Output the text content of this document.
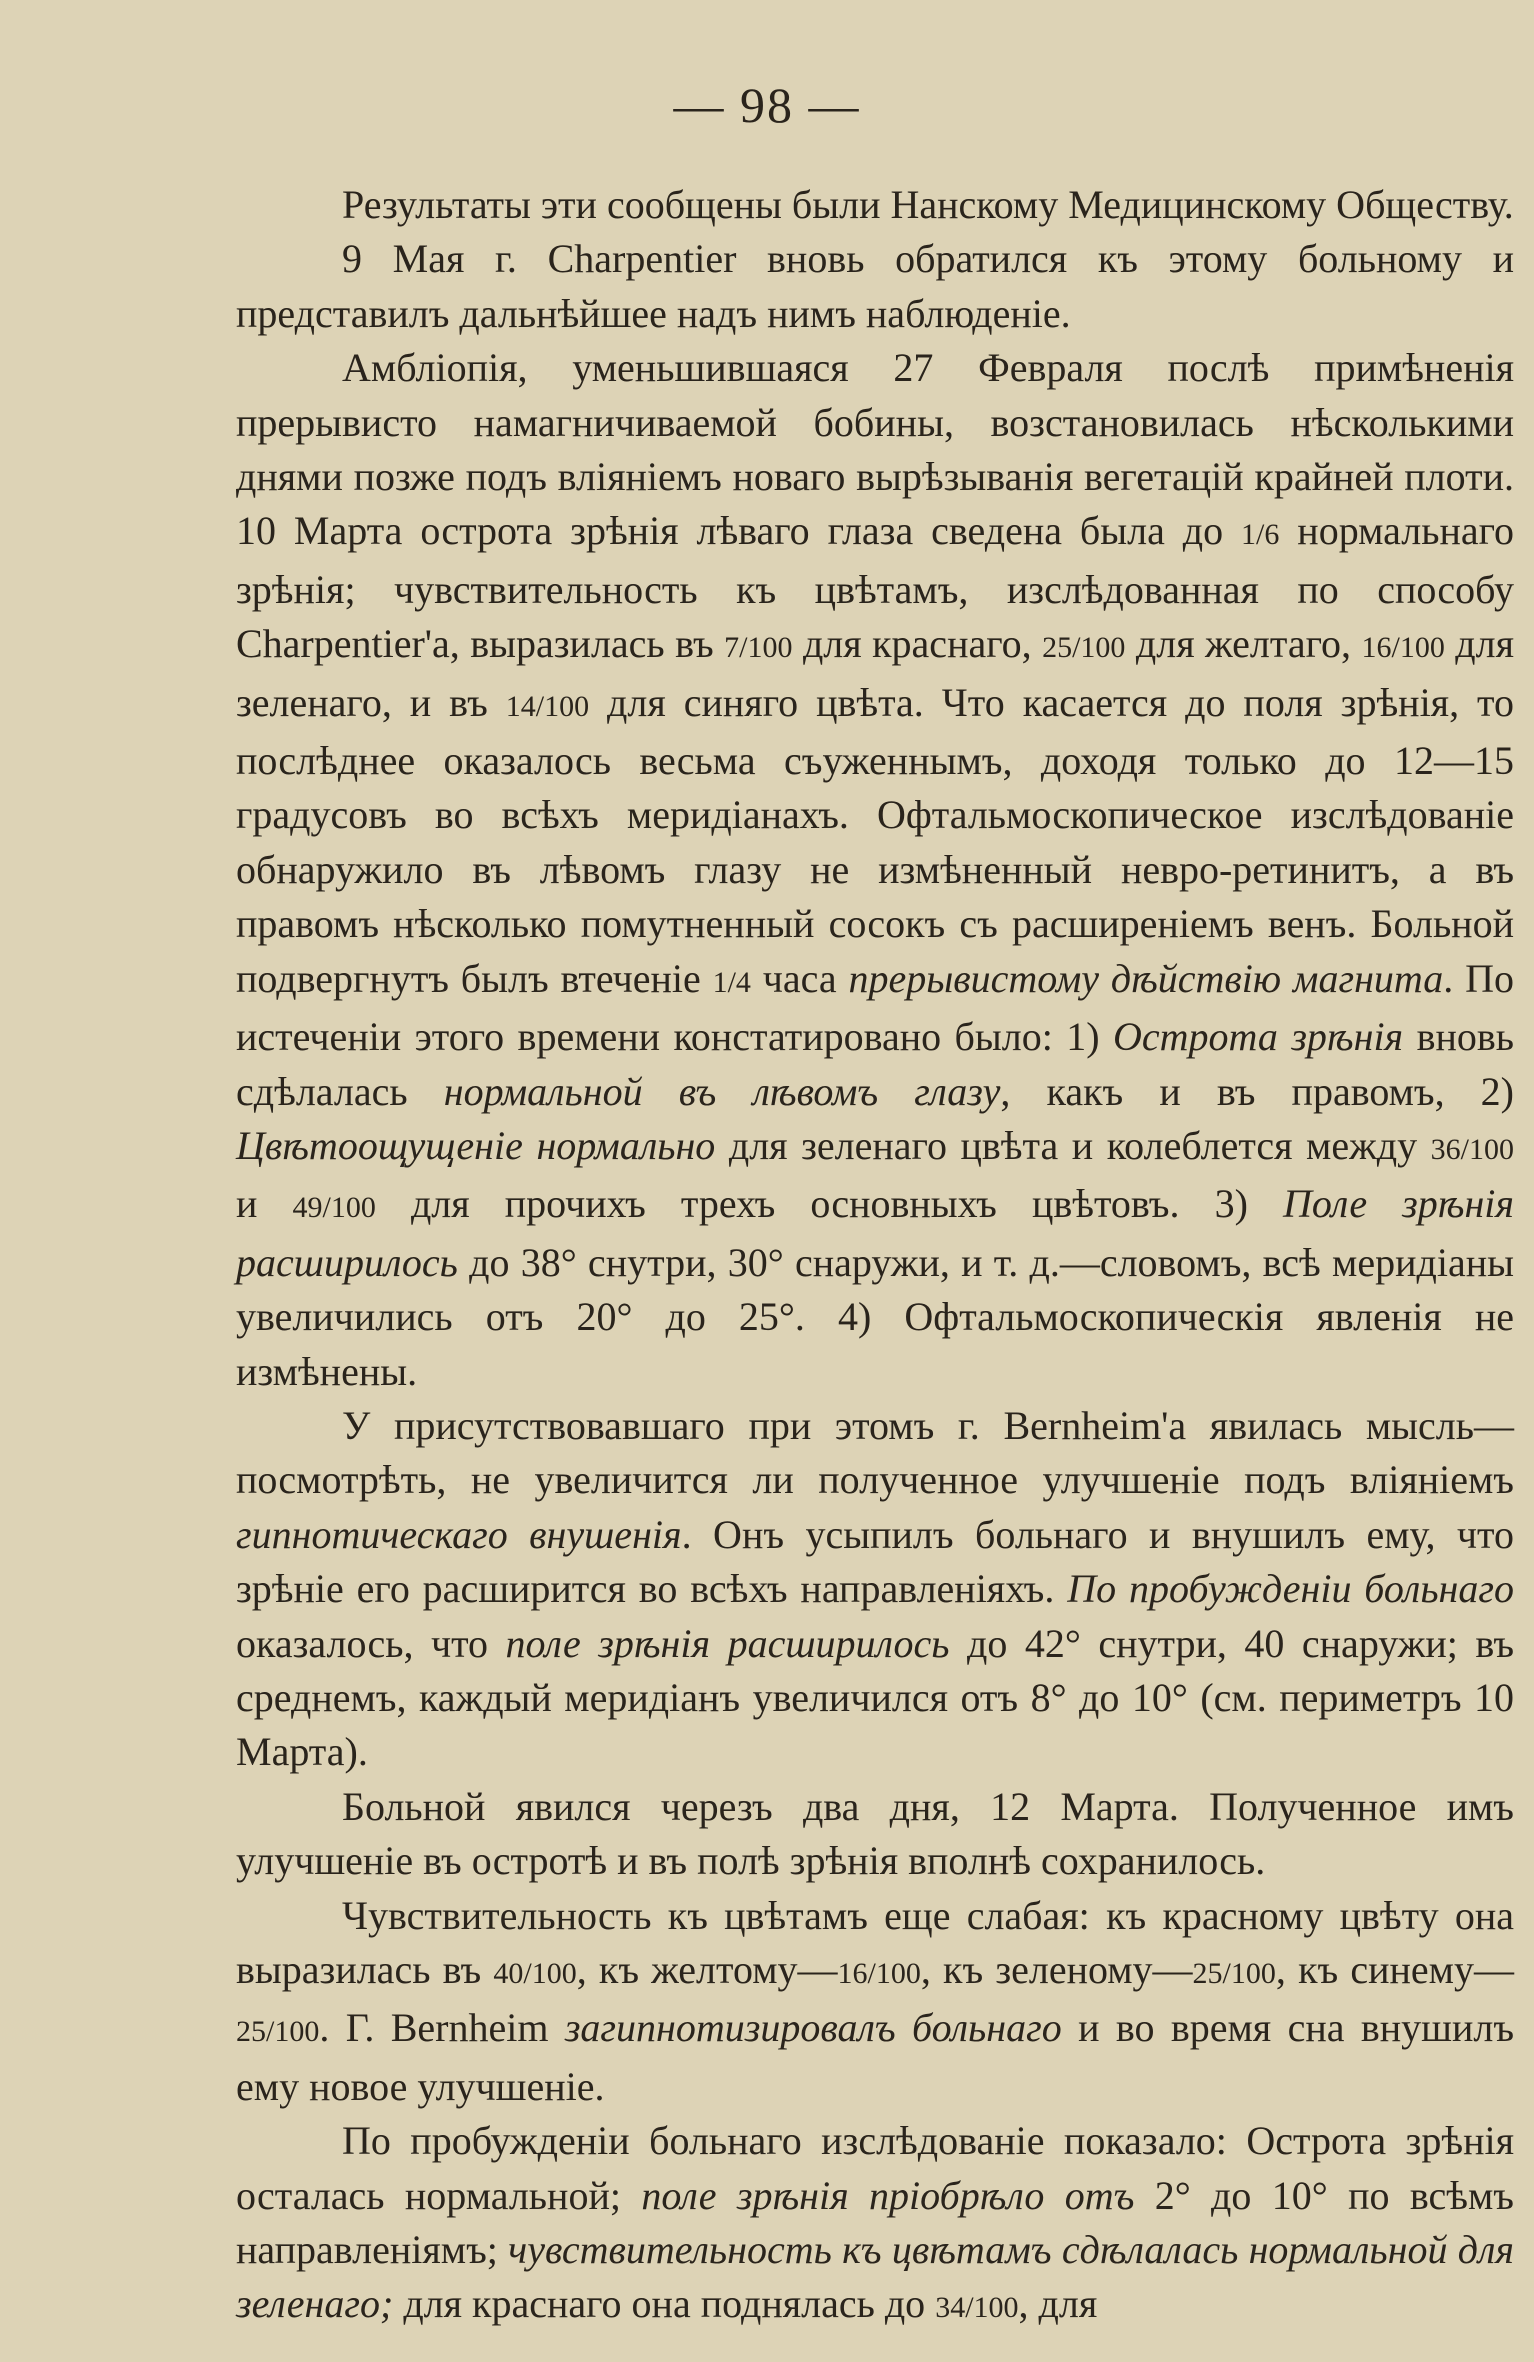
— 98 —

Результаты эти сообщены были Нанскому Медицинскому Обществу.

9 Мая г. Charpentier вновь обратился къ этому больному и представилъ дальнѣйшее надъ нимъ наблюденіе.

Амбліопія, уменьшившаяся 27 Февраля послѣ примѣненія прерывисто намагничиваемой бобины, возстановилась нѣсколькими днями позже подъ вліяніемъ новаго вырѣзыванія вегетацій крайней плоти. 10 Марта острота зрѣнія лѣваго глаза сведена была до 1/6 нормальнаго зрѣнія; чувствительность къ цвѣтамъ, изслѣдованная по способу Charpentier'а, выразилась въ 7/100 для краснаго, 25/100 для желтаго, 16/100 для зеленаго, и въ 14/100 для синяго цвѣта. Что касается до поля зрѣнія, то послѣднее оказалось весьма съуженнымъ, доходя только до 12—15 градусовъ во всѣхъ меридіанахъ. Офтальмоскопическое изслѣдованіе обнаружило въ лѣвомъ глазу не измѣненный невро-ретинитъ, а въ правомъ нѣсколько помутненный сосокъ съ расширеніемъ венъ. Больной подвергнутъ былъ втеченіе 1/4 часа прерывистому дѣйствію магнита. По истеченіи этого времени констатировано было: 1) Острота зрѣнія вновь сдѣлалась нормальной въ лѣвомъ глазу, какъ и въ правомъ, 2) Цвѣтоощущеніе нормально для зеленаго цвѣта и колеблется между 36/100 и 49/100 для прочихъ трехъ основныхъ цвѣтовъ. 3) Поле зрѣнія расширилось до 38° снутри, 30° снаружи, и т. д.—словомъ, всѣ меридіаны увеличились отъ 20° до 25°. 4) Офтальмоскопическія явленія не измѣнены.

У присутствовавшаго при этомъ г. Bernheim'а явилась мысль—посмотрѣть, не увеличится ли полученное улучшеніе подъ вліяніемъ гипнотическаго внушенія. Онъ усыпилъ больнаго и внушилъ ему, что зрѣніе его расширится во всѣхъ направленіяхъ. По пробужденіи больнаго оказалось, что поле зрѣнія расширилось до 42° снутри, 40 снаружи; въ среднемъ, каждый меридіанъ увеличился отъ 8° до 10° (см. периметръ 10 Марта).

Больной явился черезъ два дня, 12 Марта. Полученное имъ улучшеніе въ остротѣ и въ полѣ зрѣнія вполнѣ сохранилось.

Чувствительность къ цвѣтамъ еще слабая: къ красному цвѣту она выразилась въ 40/100, къ желтому—16/100, къ зеленому—25/100, къ синему—25/100. Г. Bernheim загипнотизировалъ больнаго и во время сна внушилъ ему новое улучшеніе.

По пробужденіи больнаго изслѣдованіе показало: Острота зрѣнія осталась нормальной; поле зрѣнія пріобрѣло отъ 2° до 10° по всѣмъ направленіямъ; чувствительность къ цвѣтамъ сдѣлалась нормальной для зеленаго; для краснаго она поднялась до 34/100, для
